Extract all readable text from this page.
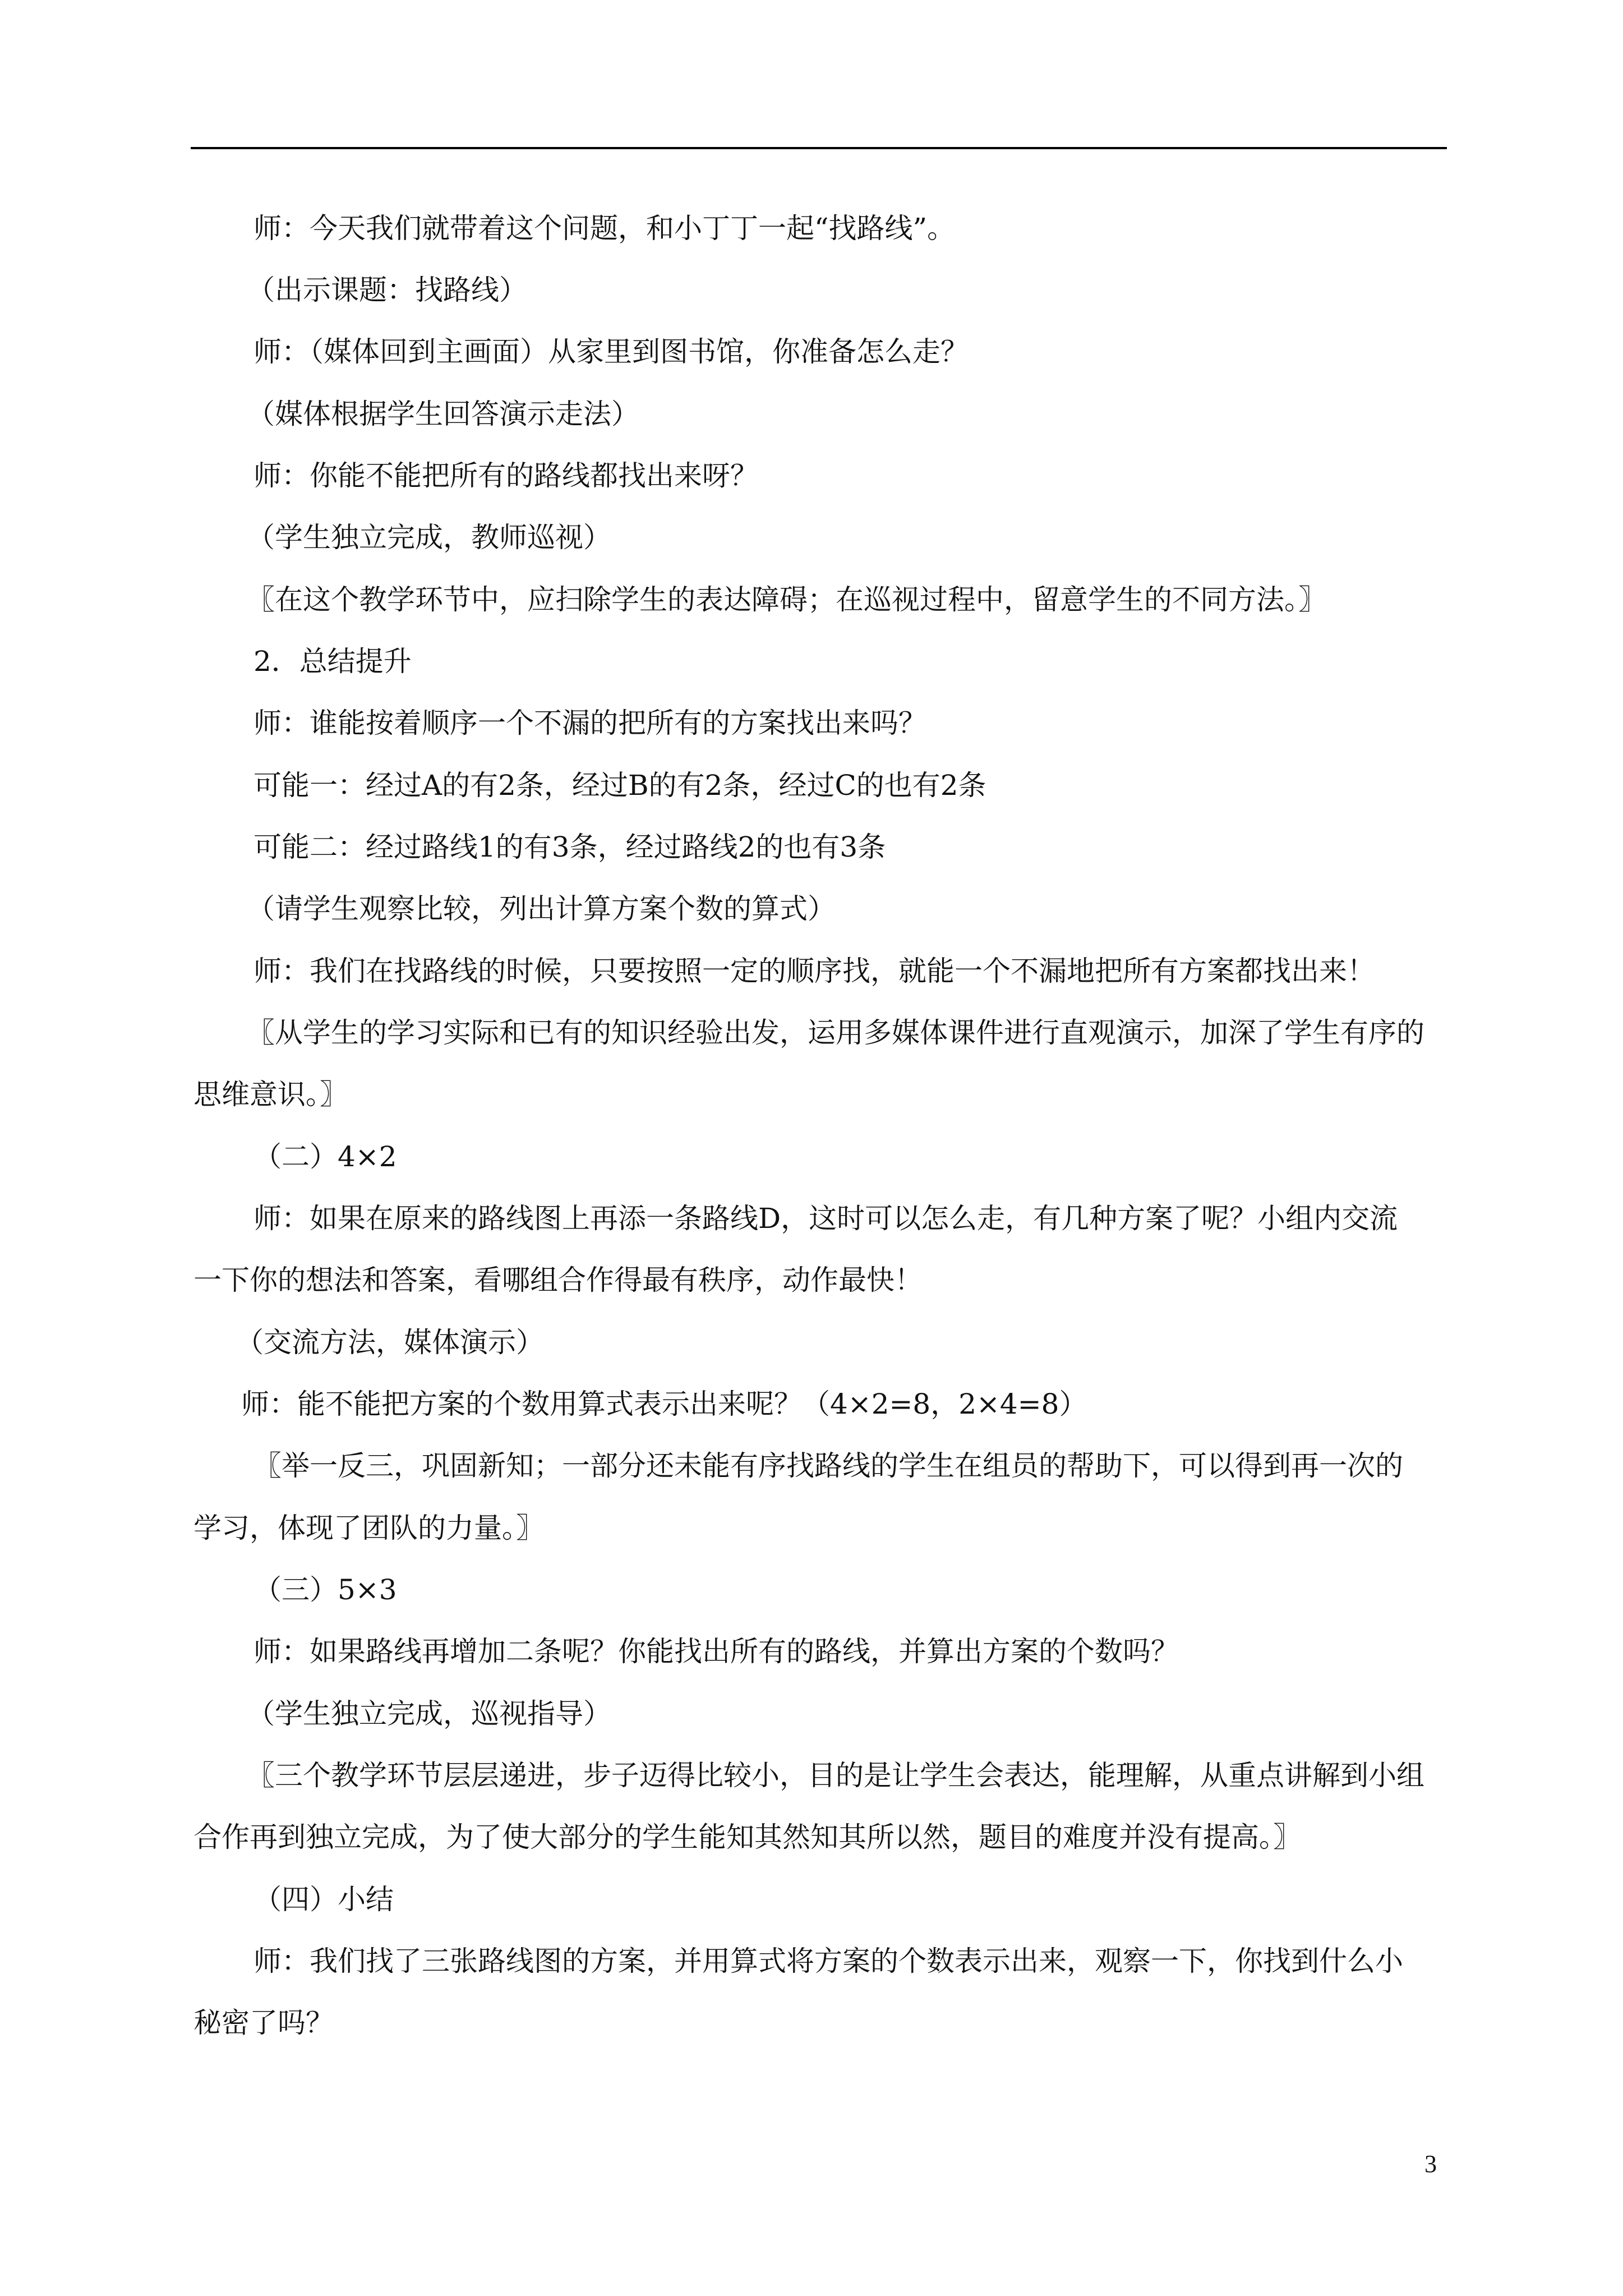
师：今天我们就带着这个问题，和小丁丁一起“找路线”。

（出示课题：找路线）

师：（媒体回到主画面）从家里到图书馆，你准备怎么走？

（媒体根据学生回答演示走法）

师：你能不能把所有的路线都找出来呀？

（学生独立完成，教师巡视）

〖在这个教学环节中，应扫除学生的表达障碍；在巡视过程中，留意学生的不同方法。〗

2．总结提升

师：谁能按着顺序一个不漏的把所有的方案找出来吗？

可能一：经过A的有2条，经过B的有2条，经过C的也有2条

可能二：经过路线1的有3条，经过路线2的也有3条

（请学生观察比较，列出计算方案个数的算式）

师：我们在找路线的时候，只要按照一定的顺序找，就能一个不漏地把所有方案都找出来！

〖从学生的学习实际和已有的知识经验出发，运用多媒体课件进行直观演示，加深了学生有序的

思维意识。〗

（二）4×2

师：如果在原来的路线图上再添一条路线D，这时可以怎么走，有几种方案了呢？小组内交流

一下你的想法和答案，看哪组合作得最有秩序，动作最快！

（交流方法，媒体演示）

师：能不能把方案的个数用算式表示出来呢？（4×2=8，2×4=8）

〖举一反三，巩固新知；一部分还未能有序找路线的学生在组员的帮助下，可以得到再一次的

学习，体现了团队的力量。〗

（三）5×3

师：如果路线再增加二条呢？你能找出所有的路线，并算出方案的个数吗？

（学生独立完成，巡视指导）

〖三个教学环节层层递进，步子迈得比较小，目的是让学生会表达，能理解，从重点讲解到小组

合作再到独立完成，为了使大部分的学生能知其然知其所以然，题目的难度并没有提高。〗

（四）小结

师：我们找了三张路线图的方案，并用算式将方案的个数表示出来，观察一下，你找到什么小

秘密了吗？

3
